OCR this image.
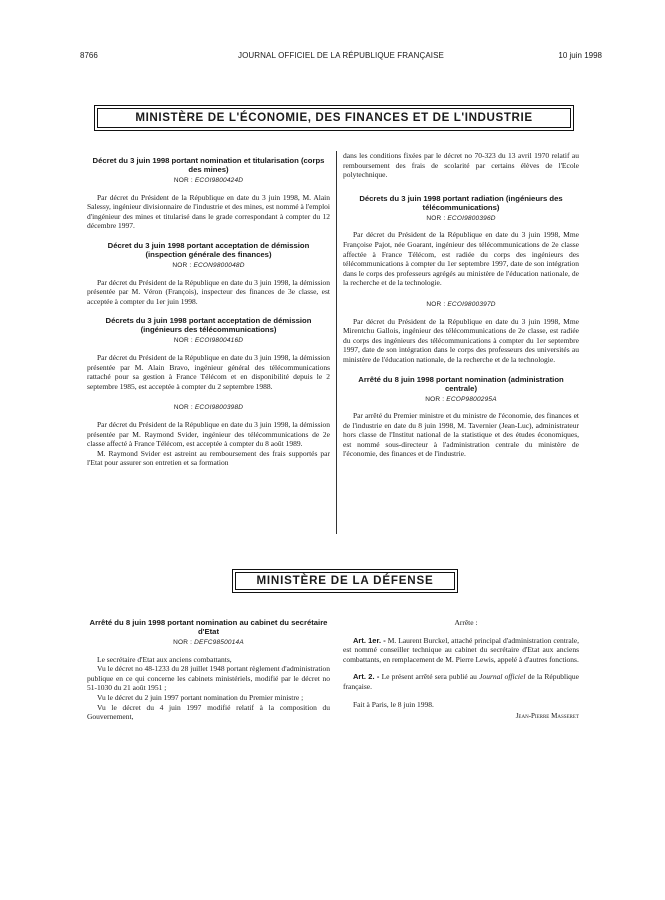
8766	JOURNAL OFFICIEL DE LA RÉPUBLIQUE FRANÇAISE	10 juin 1998
MINISTÈRE DE L'ÉCONOMIE, DES FINANCES ET DE L'INDUSTRIE
Décret du 3 juin 1998 portant nomination et titularisation (corps des mines)
NOR : ECOI9800424D

Par décret du Président de la République en date du 3 juin 1998, M. Alain Salessy, ingénieur divisionnaire de l'industrie et des mines, est nommé à l'emploi d'ingénieur des mines et titularisé dans le grade correspondant à compter du 12 décembre 1997.

Décret du 3 juin 1998 portant acceptation de démission (inspection générale des finances)
NOR : ECON9800048D

Par décret du Président de la République en date du 3 juin 1998, la démission présentée par M. Véron (François), inspecteur des finances de 3e classe, est acceptée à compter du 1er juin 1998.

Décrets du 3 juin 1998 portant acceptation de démission (ingénieurs des télécommunications)
NOR : ECOI9800416D

Par décret du Président de la République en date du 3 juin 1998, la démission présentée par M. Alain Bravo, ingénieur général des télécommunications rattaché pour sa gestion à France Télécom et en disponibilité depuis le 2 septembre 1985, est acceptée à compter du 2 septembre 1988.

NOR : ECOI9800398D

Par décret du Président de la République en date du 3 juin 1998, la démission présentée par M. Raymond Svider, ingénieur des télécommunications de 2e classe affecté à France Télécom, est acceptée à compter du 8 août 1989.

M. Raymond Svider est astreint au remboursement des frais supportés par l'Etat pour assurer son entretien et sa formation

dans les conditions fixées par le décret no 70-323 du 13 avril 1970 relatif au remboursement des frais de scolarité par certains élèves de l'Ecole polytechnique.

Décrets du 3 juin 1998 portant radiation (ingénieurs des télécommunications)
NOR : ECOI9800396D

Par décret du Président de la République en date du 3 juin 1998, Mme Françoise Pajot, née Goarant, ingénieur des télécommunications de 2e classe affectée à France Télécom, est radiée du corps des ingénieurs des télécommunications à compter du 1er septembre 1997, date de son intégration dans le corps des professeurs agrégés au ministère de l'éducation nationale, de la recherche et de la technologie.

NOR : ECOI9800397D

Par décret du Président de la République en date du 3 juin 1998, Mme Mirentchu Gallois, ingénieur des télécommunications de 2e classe, est radiée du corps des ingénieurs des télécommunications à compter du 1er septembre 1997, date de son intégration dans le corps des professeurs des universités au ministère de l'éducation nationale, de la recherche et de la technologie.

Arrêté du 8 juin 1998 portant nomination (administration centrale)
NOR : ECOP9800295A

Par arrêté du Premier ministre et du ministre de l'économie, des finances et de l'industrie en date du 8 juin 1998, M. Tavernier (Jean-Luc), administrateur hors classe de l'Institut national de la statistique et des études économiques, est nommé sous-directeur à l'administration centrale du ministère de l'économie, des finances et de l'industrie.

MINISTÈRE DE LA DÉFENSE
Arrêté du 8 juin 1998 portant nomination au cabinet du secrétaire d'Etat
NOR : DEFC9850014A

Le secrétaire d'Etat aux anciens combattants,

Vu le décret no 48-1233 du 28 juillet 1948 portant règlement d'administration publique en ce qui concerne les cabinets ministériels, modifié par le décret no 51-1030 du 21 août 1951 ;

Vu le décret du 2 juin 1997 portant nomination du Premier ministre ;

Vu le décret du 4 juin 1997 modifié relatif à la composition du Gouvernement,

Arrête :

Art. 1er. - M. Laurent Burckel, attaché principal d'administration centrale, est nommé conseiller technique au cabinet du secrétaire d'Etat aux anciens combattants, en remplacement de M. Pierre Lewis, appelé à d'autres fonctions.

Art. 2. - Le présent arrêté sera publié au Journal officiel de la République française.

Fait à Paris, le 8 juin 1998.

Jean-Pierre Masseret
